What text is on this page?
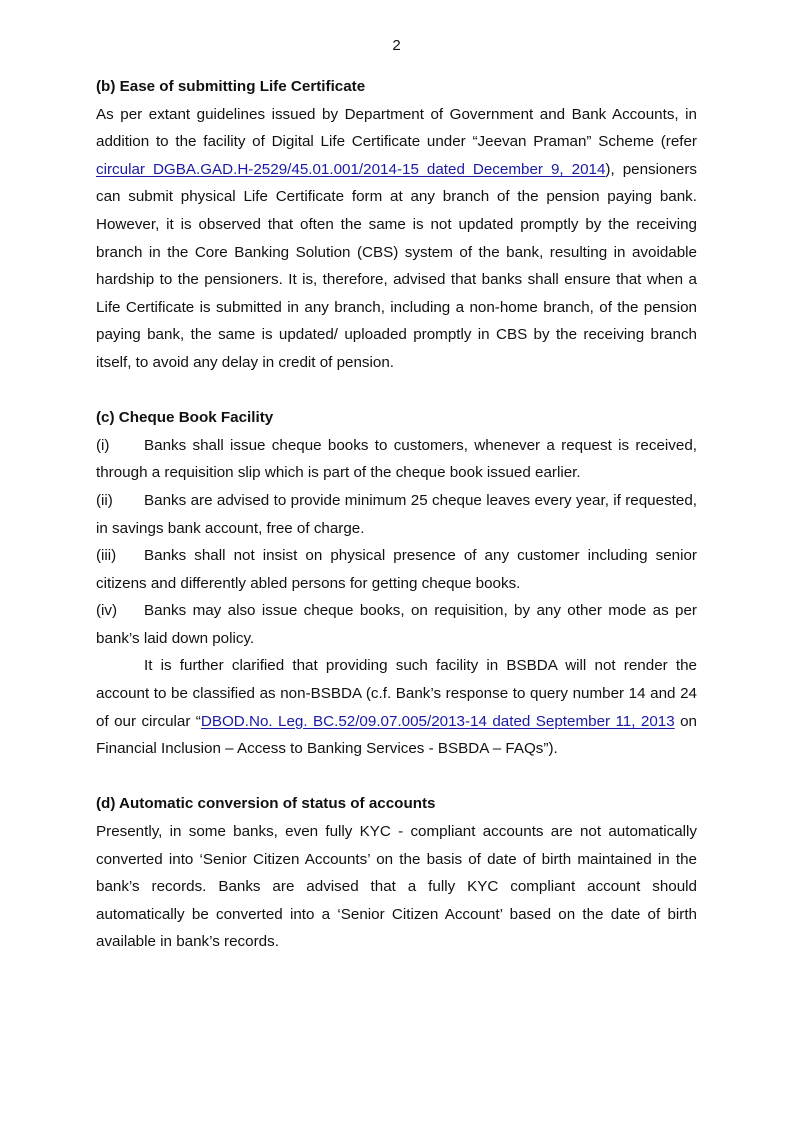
2
(b) Ease of submitting Life Certificate

As per extant guidelines issued by Department of Government and Bank Accounts, in addition to the facility of Digital Life Certificate under “Jeevan Praman” Scheme (refer circular DGBA.GAD.H-2529/45.01.001/2014-15 dated December 9, 2014), pensioners can submit physical Life Certificate form at any branch of the pension paying bank. However, it is observed that often the same is not updated promptly by the receiving branch in the Core Banking Solution (CBS) system of the bank, resulting in avoidable hardship to the pensioners. It is, therefore, advised that banks shall ensure that when a Life Certificate is submitted in any branch, including a non-home branch, of the pension paying bank, the same is updated/ uploaded promptly in CBS by the receiving branch itself, to avoid any delay in credit of pension.

(c) Cheque Book Facility

(i) Banks shall issue cheque books to customers, whenever a request is received, through a requisition slip which is part of the cheque book issued earlier.

(ii) Banks are advised to provide minimum 25 cheque leaves every year, if requested, in savings bank account, free of charge.

(iii) Banks shall not insist on physical presence of any customer including senior citizens and differently abled persons for getting cheque books.

(iv) Banks may also issue cheque books, on requisition, by any other mode as per bank’s laid down policy.

It is further clarified that providing such facility in BSBDA will not render the account to be classified as non-BSBDA (c.f. Bank’s response to query number 14 and 24 of our circular “DBOD.No. Leg. BC.52/09.07.005/2013-14 dated September 11, 2013 on Financial Inclusion – Access to Banking Services - BSBDA – FAQs”).

(d) Automatic conversion of status of accounts

Presently, in some banks, even fully KYC - compliant accounts are not automatically converted into ‘Senior Citizen Accounts’ on the basis of date of birth maintained in the bank’s records. Banks are advised that a fully KYC compliant account should automatically be converted into a ‘Senior Citizen Account’ based on the date of birth available in bank’s records.
